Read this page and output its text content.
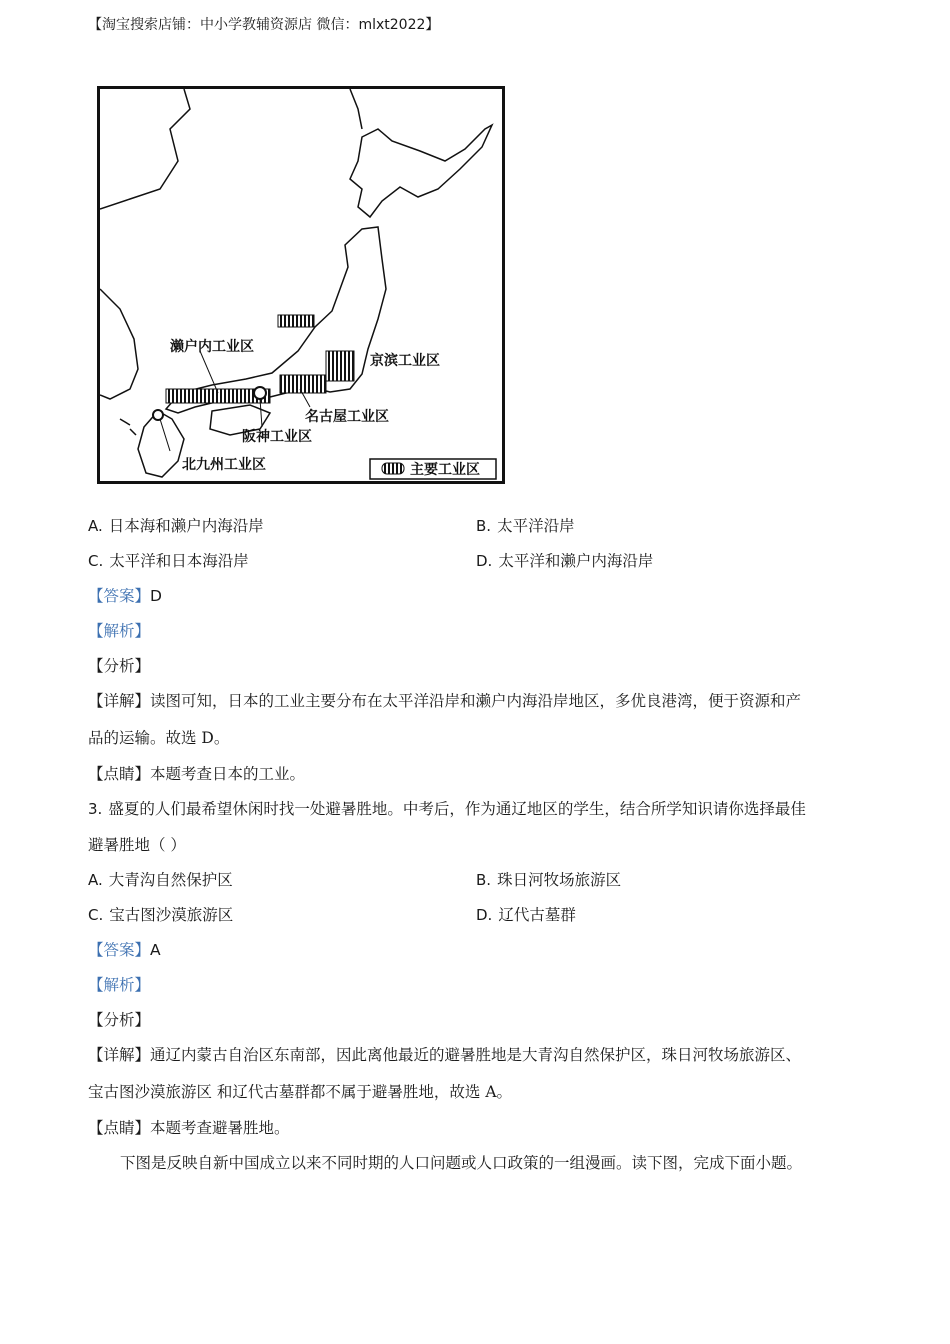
【淘宝搜索店铺：中小学教辅资源店 微信：mlxt2022】
濑户内工业区
京滨工业区
名古屋工业区
阪神工业区
北九州工业区	主要工业区
A. 日本海和濑户内海沿岸	B. 太平洋沿岸
C. 太平洋和日本海沿岸	D. 太平洋和濑户内海沿岸
【答案】D
【解析】
【分析】
【详解】读图可知，日本的工业主要分布在太平洋沿岸和濑户内海沿岸地区，多优良港湾，便于资源和产
品的运输。故选 D。
【点睛】本题考查日本的工业。
3. 盛夏的人们最希望休闲时找一处避暑胜地。中考后，作为通辽地区的学生，结合所学知识请你选择最佳
避暑胜地（ ）
A. 大青沟自然保护区	B. 珠日河牧场旅游区
C. 宝古图沙漠旅游区	D. 辽代古墓群
【答案】A
【解析】
【分析】
【详解】通辽内蒙古自治区东南部，因此离他最近的避暑胜地是大青沟自然保护区，珠日河牧场旅游区、
宝古图沙漠旅游区 和辽代古墓群都不属于避暑胜地，故选 A。
【点睛】本题考查避暑胜地。
下图是反映自新中国成立以来不同时期的人口问题或人口政策的一组漫画。读下图，完成下面小题。
